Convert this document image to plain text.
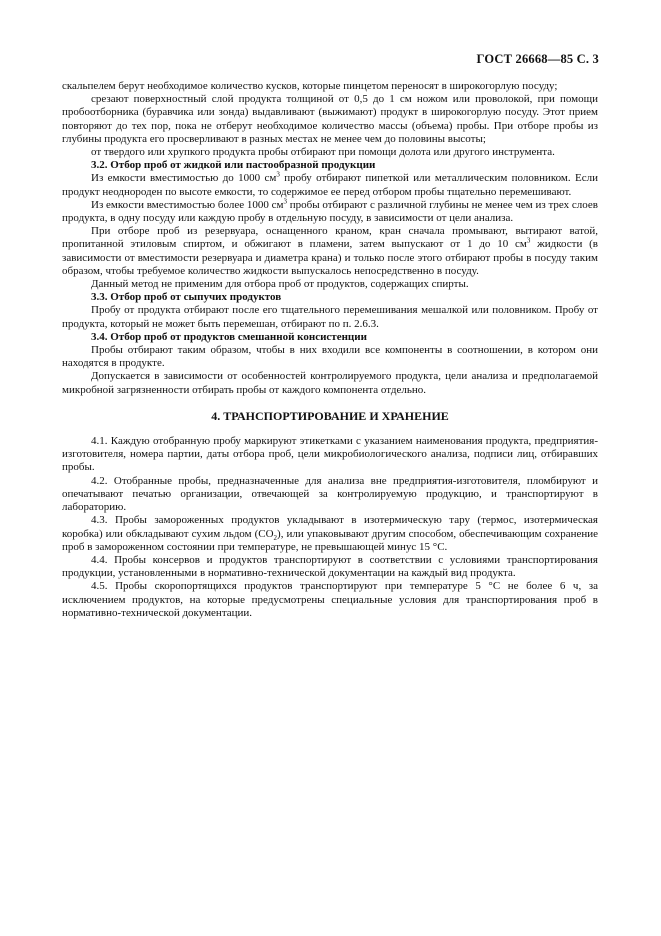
ГОСТ 26668—85 С. 3

скальпелем берут необходимое количество кусков, которые пинцетом переносят в широкогорлую посуду;

срезают поверхностный слой продукта толщиной от 0,5 до 1 см ножом или проволокой, при помощи пробоотборника (буравчика или зонда) выдавливают (выжимают) продукт в широкогорлую посуду. Этот прием повторяют до тех пор, пока не отберут необходимое количество массы (объема) пробы. При отборе пробы из глубины продукта его просверливают в разных местах не менее чем до половины высоты;

от твердого или хрупкого продукта пробы отбирают при помощи долота или другого инструмента.

3.2. Отбор проб от жидкой или пастообразной продукции

Из емкости вместимостью до 1000 $см^3$ пробу отбирают пипеткой или металлическим половником. Если продукт неоднороден по высоте емкости, то содержимое ее перед отбором пробы тщательно перемешивают.

Из емкости вместимостью более 1000 $см^3$ пробы отбирают с различной глубины не менее чем из трех слоев продукта, в одну посуду или каждую пробу в отдельную посуду, в зависимости от цели анализа.

При отборе проб из резервуара, оснащенного краном, кран сначала промывают, вытирают ватой, пропитанной этиловым спиртом, и обжигают в пламени, затем выпускают от 1 до 10 $см^3$ жидкости (в зависимости от вместимости резервуара и диаметра крана) и только после этого отбирают пробы в посуду таким образом, чтобы требуемое количество жидкости выпускалось непосредственно в посуду.

Данный метод не применим для отбора проб от продуктов, содержащих спирты.

3.3. Отбор проб от сыпучих продуктов

Пробу от продукта отбирают после его тщательного перемешивания мешалкой или половником. Пробу от продукта, который не может быть перемешан, отбирают по п. 2.6.3.

3.4. Отбор проб от продуктов смешанной консистенции

Пробы отбирают таким образом, чтобы в них входили все компоненты в соотношении, в котором они находятся в продукте.

Допускается в зависимости от особенностей контролируемого продукта, цели анализа и предполагаемой микробной загрязненности отбирать пробы от каждого компонента отдельно.

4. ТРАНСПОРТИРОВАНИЕ И ХРАНЕНИЕ

4.1. Каждую отобранную пробу маркируют этикетками с указанием наименования продукта, предприятия-изготовителя, номера партии, даты отбора проб, цели микробиологического анализа, подписи лиц, отбиравших пробы.

4.2. Отобранные пробы, предназначенные для анализа вне предприятия-изготовителя, пломбируют и опечатывают печатью организации, отвечающей за контролируемую продукцию, и транспортируют в лабораторию.

4.3. Пробы замороженных продуктов укладывают в изотермическую тару (термос, изотермическая коробка) или обкладывают сухим льдом $(CO_2)$, или упаковывают другим способом, обеспечивающим сохранение проб в замороженном состоянии при температуре, не превышающей минус 15 °С.

4.4. Пробы консервов и продуктов транспортируют в соответствии с условиями транспортирования продукции, установленными в нормативно-технической документации на каждый вид продукта.

4.5. Пробы скоропортящихся продуктов транспортируют при температуре 5 °С не более 6 ч, за исключением продуктов, на которые предусмотрены специальные условия для транспортирования проб в нормативно-технической документации.
